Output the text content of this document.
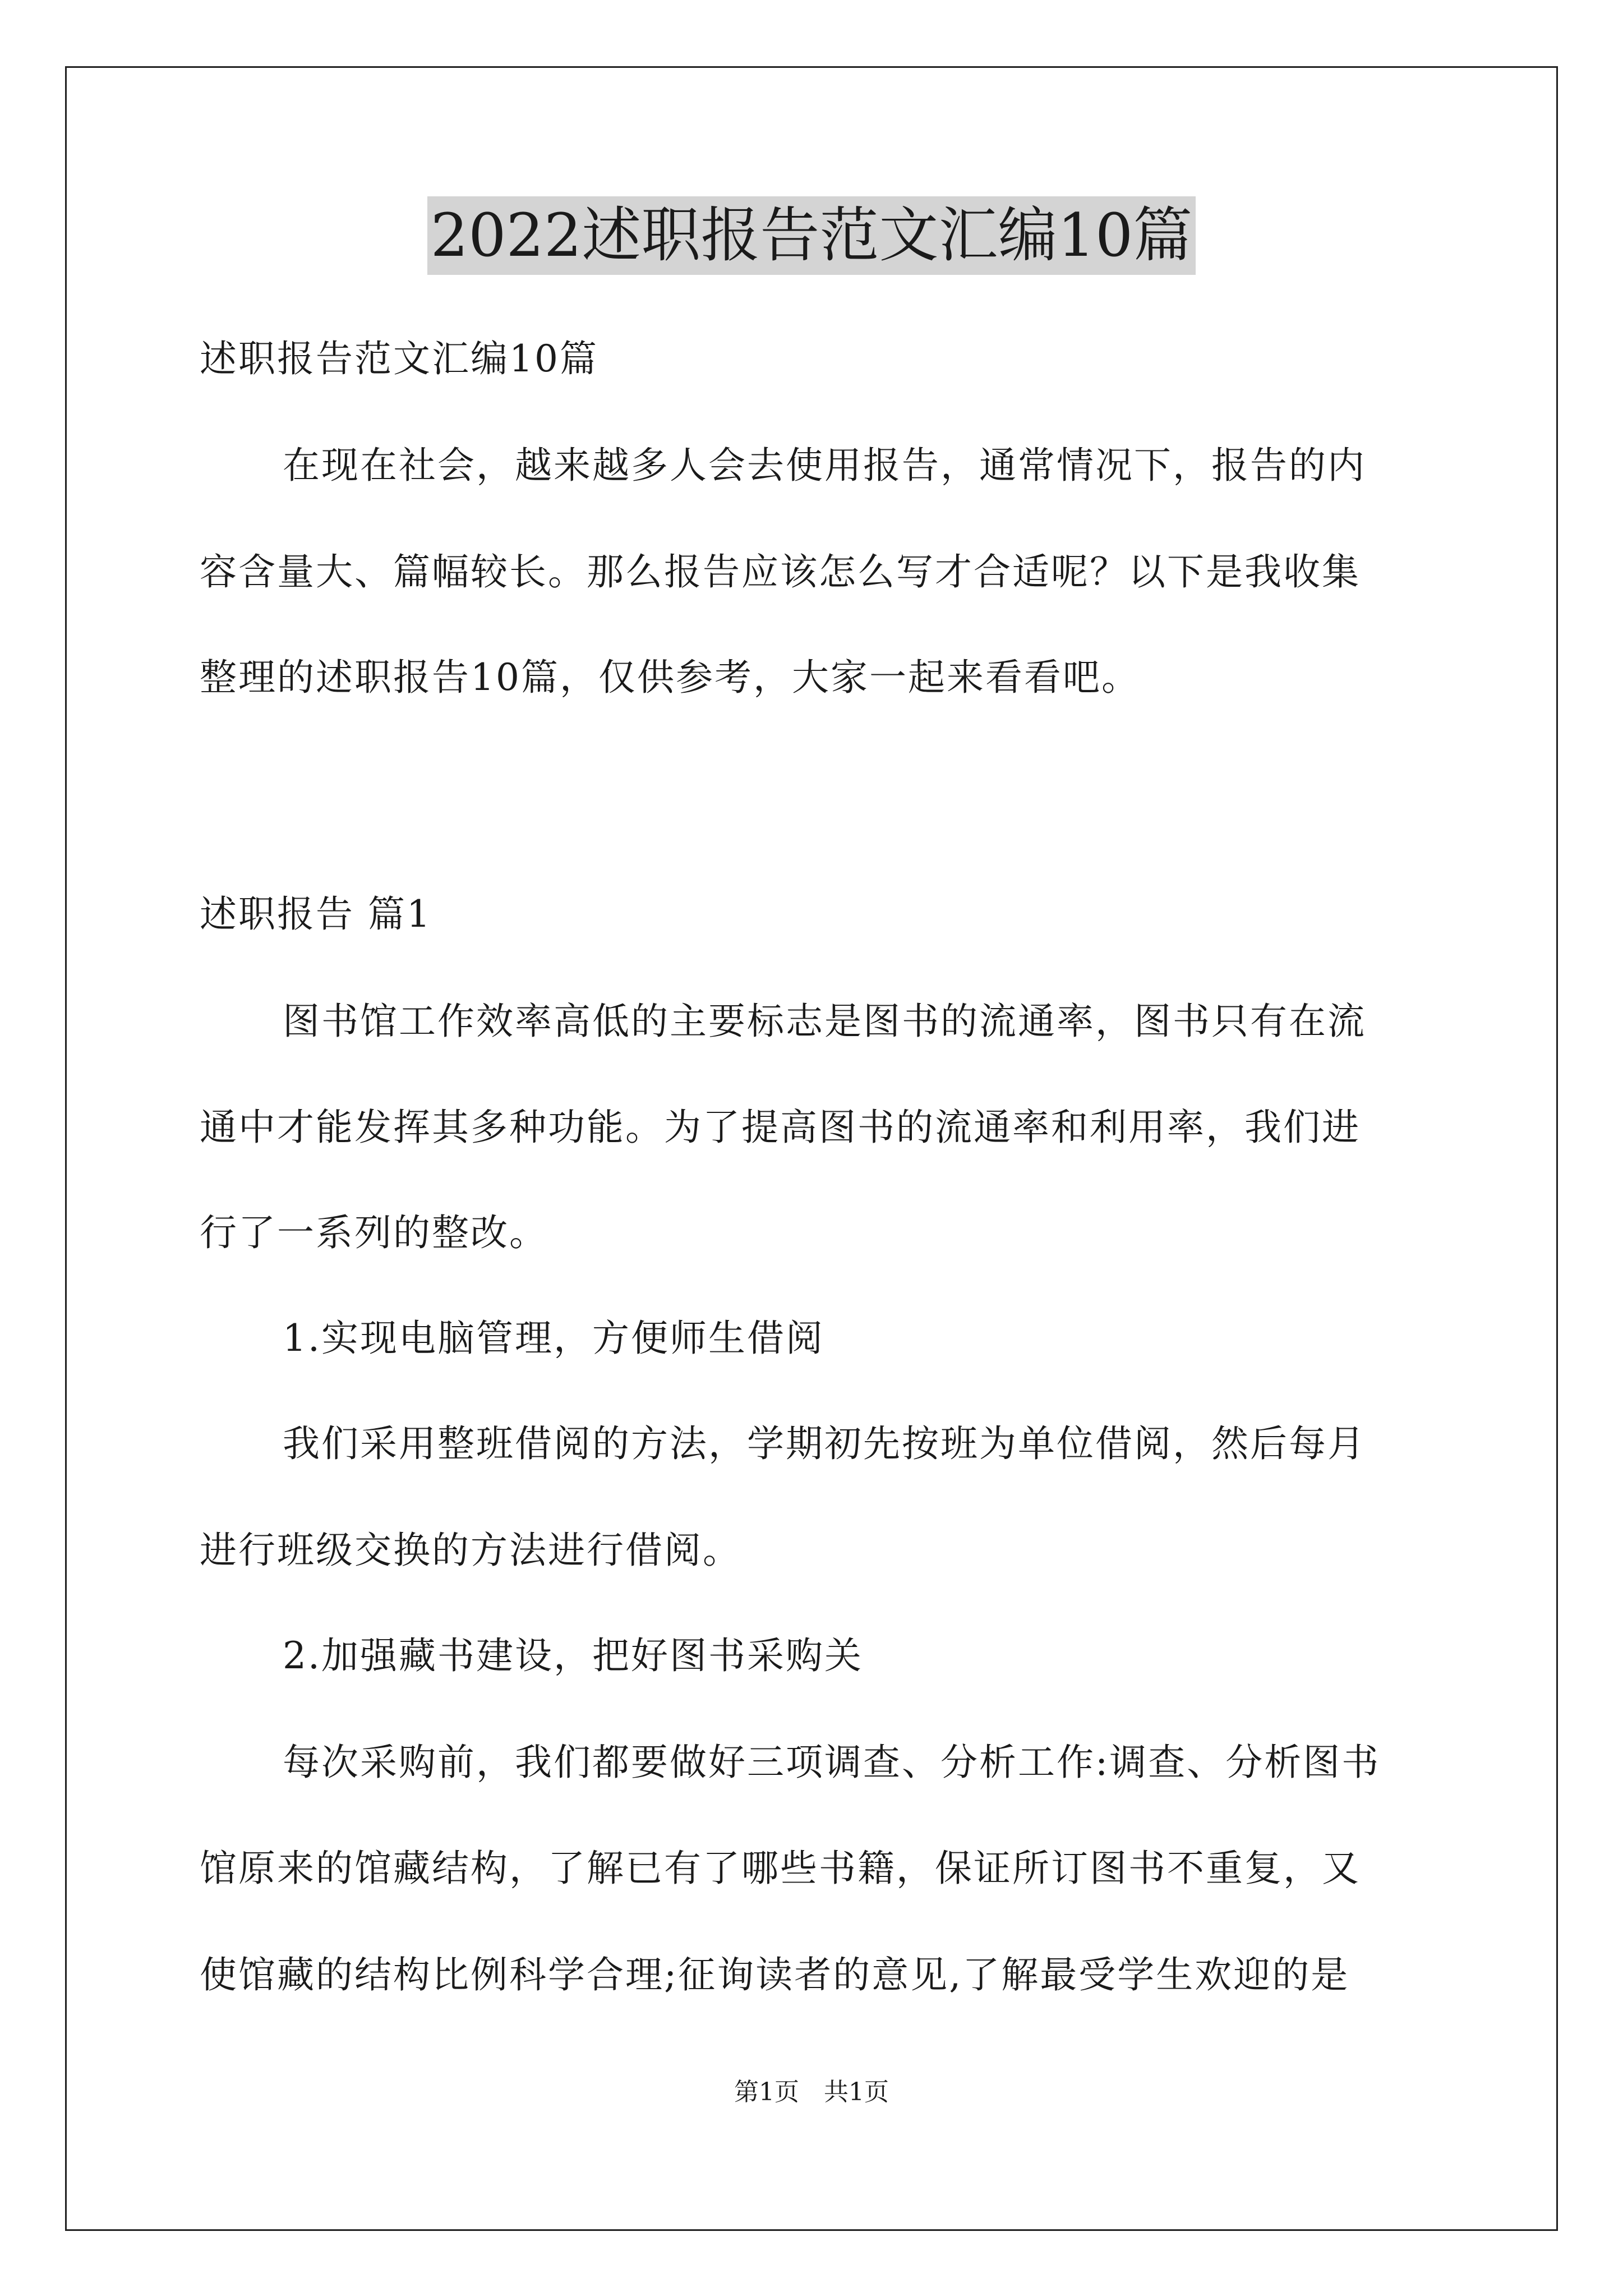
2022述职报告范文汇编10篇
述职报告范文汇编10篇
在现在社会，越来越多人会去使用报告，通常情况下，报告的内
容含量大、篇幅较长。那么报告应该怎么写才合适呢？以下是我收集
整理的述职报告10篇，仅供参考，大家一起来看看吧。
述职报告 篇1
图书馆工作效率高低的主要标志是图书的流通率，图书只有在流
通中才能发挥其多种功能。为了提高图书的流通率和利用率，我们进
行了一系列的整改。
1.实现电脑管理，方便师生借阅
我们采用整班借阅的方法，学期初先按班为单位借阅，然后每月
进行班级交换的方法进行借阅。
2.加强藏书建设，把好图书采购关
每次采购前，我们都要做好三项调查、分析工作:调查、分析图书
馆原来的馆藏结构，了解已有了哪些书籍，保证所订图书不重复，又
使馆藏的结构比例科学合理;征询读者的意见,了解最受学生欢迎的是
第1页　共1页
